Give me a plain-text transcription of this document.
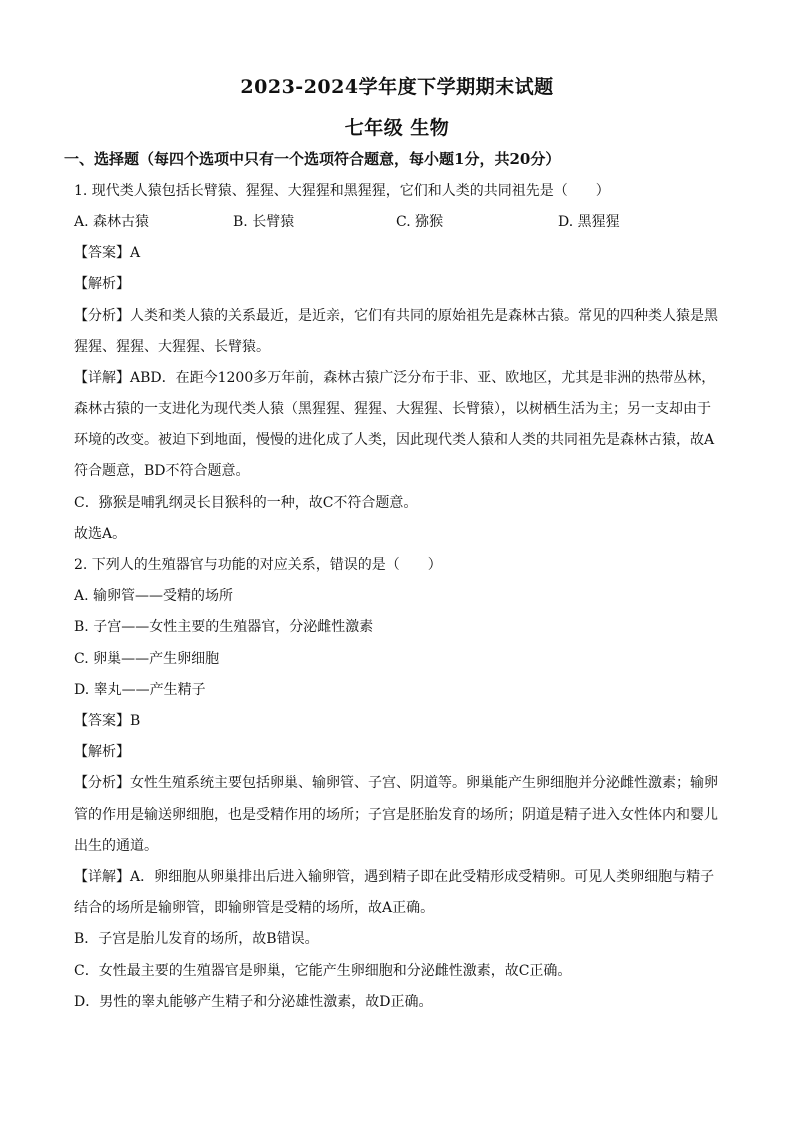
2023-2024学年度下学期期末试题
七年级 生物
一、选择题（每四个选项中只有一个选项符合题意，每小题1分，共20分）
1. 现代类人猿包括长臂猿、猩猩、大猩猩和黑猩猩，它们和人类的共同祖先是（　　）
A. 森林古猿	B. 长臂猿	C. 猕猴	D. 黑猩猩
【答案】A
【解析】
【分析】人类和类人猿的关系最近，是近亲，它们有共同的原始祖先是森林古猿。常见的四种类人猿是黑
猩猩、猩猩、大猩猩、长臂猿。
【详解】ABD．在距今1200多万年前，森林古猿广泛分布于非、亚、欧地区，尤其是非洲的热带丛林，
森林古猿的一支进化为现代类人猿（黑猩猩、猩猩、大猩猩、长臂猿），以树栖生活为主；另一支却由于
环境的改变。被迫下到地面，慢慢的进化成了人类，因此现代类人猿和人类的共同祖先是森林古猿，故A
符合题意，BD不符合题意。
C．猕猴是哺乳纲灵长目猴科的一种，故C不符合题意。
故选A。
2. 下列人的生殖器官与功能的对应关系，错误的是（　　）
A. 输卵管——受精的场所
B. 子宫——女性主要的生殖器官，分泌雌性激素
C. 卵巢——产生卵细胞
D. 睾丸——产生精子
【答案】B
【解析】
【分析】女性生殖系统主要包括卵巢、输卵管、子宫、阴道等。卵巢能产生卵细胞并分泌雌性激素；输卵
管的作用是输送卵细胞，也是受精作用的场所；子宫是胚胎发育的场所；阴道是精子进入女性体内和婴儿
出生的通道。
【详解】A．卵细胞从卵巢排出后进入输卵管，遇到精子即在此受精形成受精卵。可见人类卵细胞与精子
结合的场所是输卵管，即输卵管是受精的场所，故A正确。
B．子宫是胎儿发育的场所，故B错误。
C．女性最主要的生殖器官是卵巢，它能产生卵细胞和分泌雌性激素，故C正确。
D．男性的睾丸能够产生精子和分泌雄性激素，故D正确。
